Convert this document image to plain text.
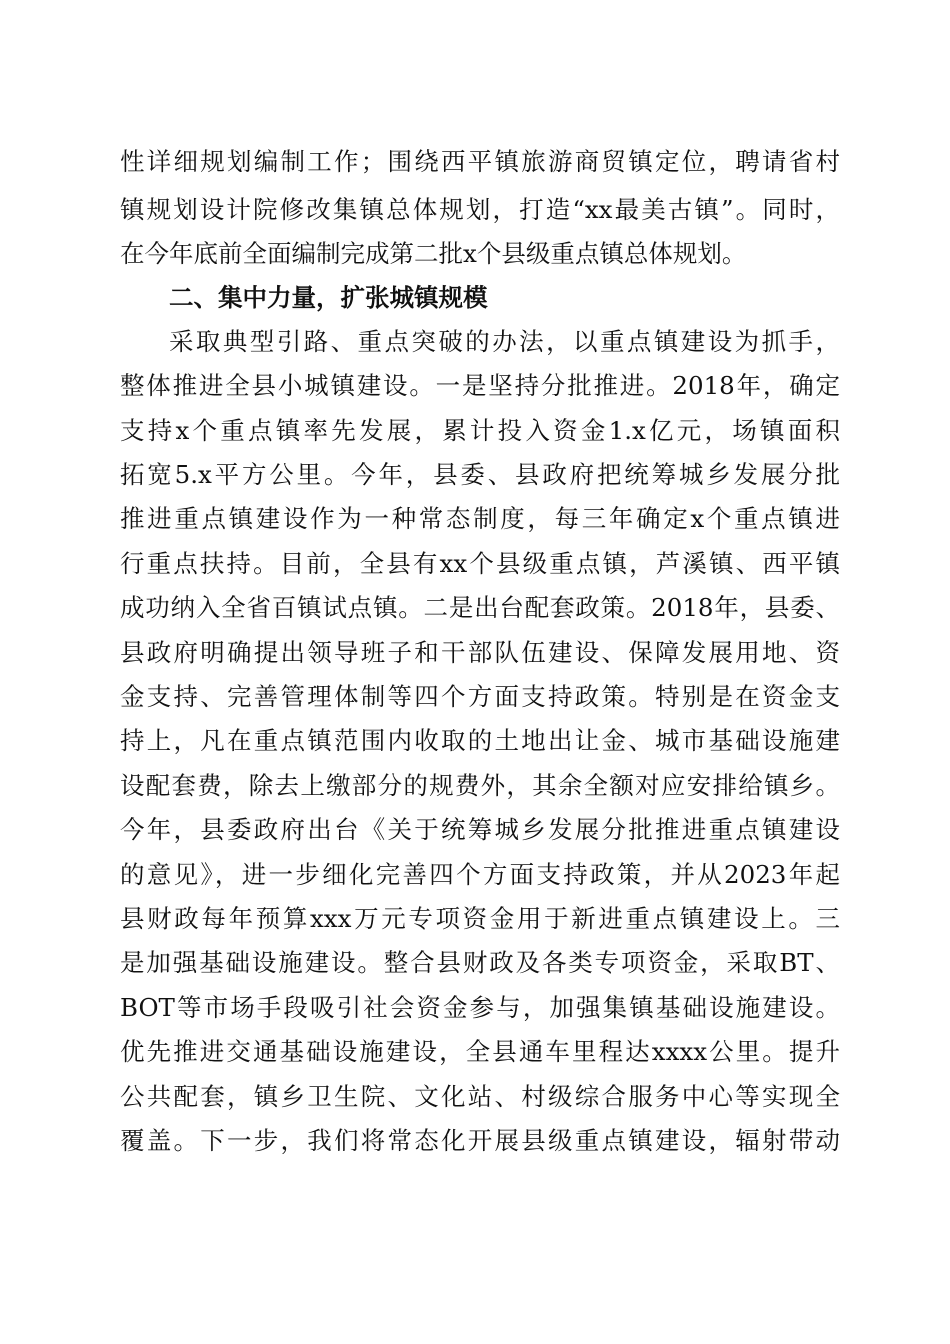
性详细规划编制工作；围绕西平镇旅游商贸镇定位，聘请省村
镇规划设计院修改集镇总体规划，打造“xx最美古镇”。同时，
在今年底前全面编制完成第二批x个县级重点镇总体规划。
二、集中力量，扩张城镇规模
采取典型引路、重点突破的办法，以重点镇建设为抓手，
整体推进全县小城镇建设。一是坚持分批推进。2018年，确定
支持x个重点镇率先发展，累计投入资金1.x亿元，场镇面积
拓宽5.x平方公里。今年，县委、县政府把统筹城乡发展分批
推进重点镇建设作为一种常态制度，每三年确定x个重点镇进
行重点扶持。目前，全县有xx个县级重点镇，芦溪镇、西平镇
成功纳入全省百镇试点镇。二是出台配套政策。2018年，县委、
县政府明确提出领导班子和干部队伍建设、保障发展用地、资
金支持、完善管理体制等四个方面支持政策。特别是在资金支
持上，凡在重点镇范围内收取的土地出让金、城市基础设施建
设配套费，除去上缴部分的规费外，其余全额对应安排给镇乡。
今年，县委政府出台《关于统筹城乡发展分批推进重点镇建设
的意见》，进一步细化完善四个方面支持政策，并从2023年起
县财政每年预算xxx万元专项资金用于新进重点镇建设上。三
是加强基础设施建设。整合县财政及各类专项资金，采取BT、
BOT等市场手段吸引社会资金参与，加强集镇基础设施建设。
优先推进交通基础设施建设，全县通车里程达xxxx公里。提升
公共配套，镇乡卫生院、文化站、村级综合服务中心等实现全
覆盖。下一步，我们将常态化开展县级重点镇建设，辐射带动
